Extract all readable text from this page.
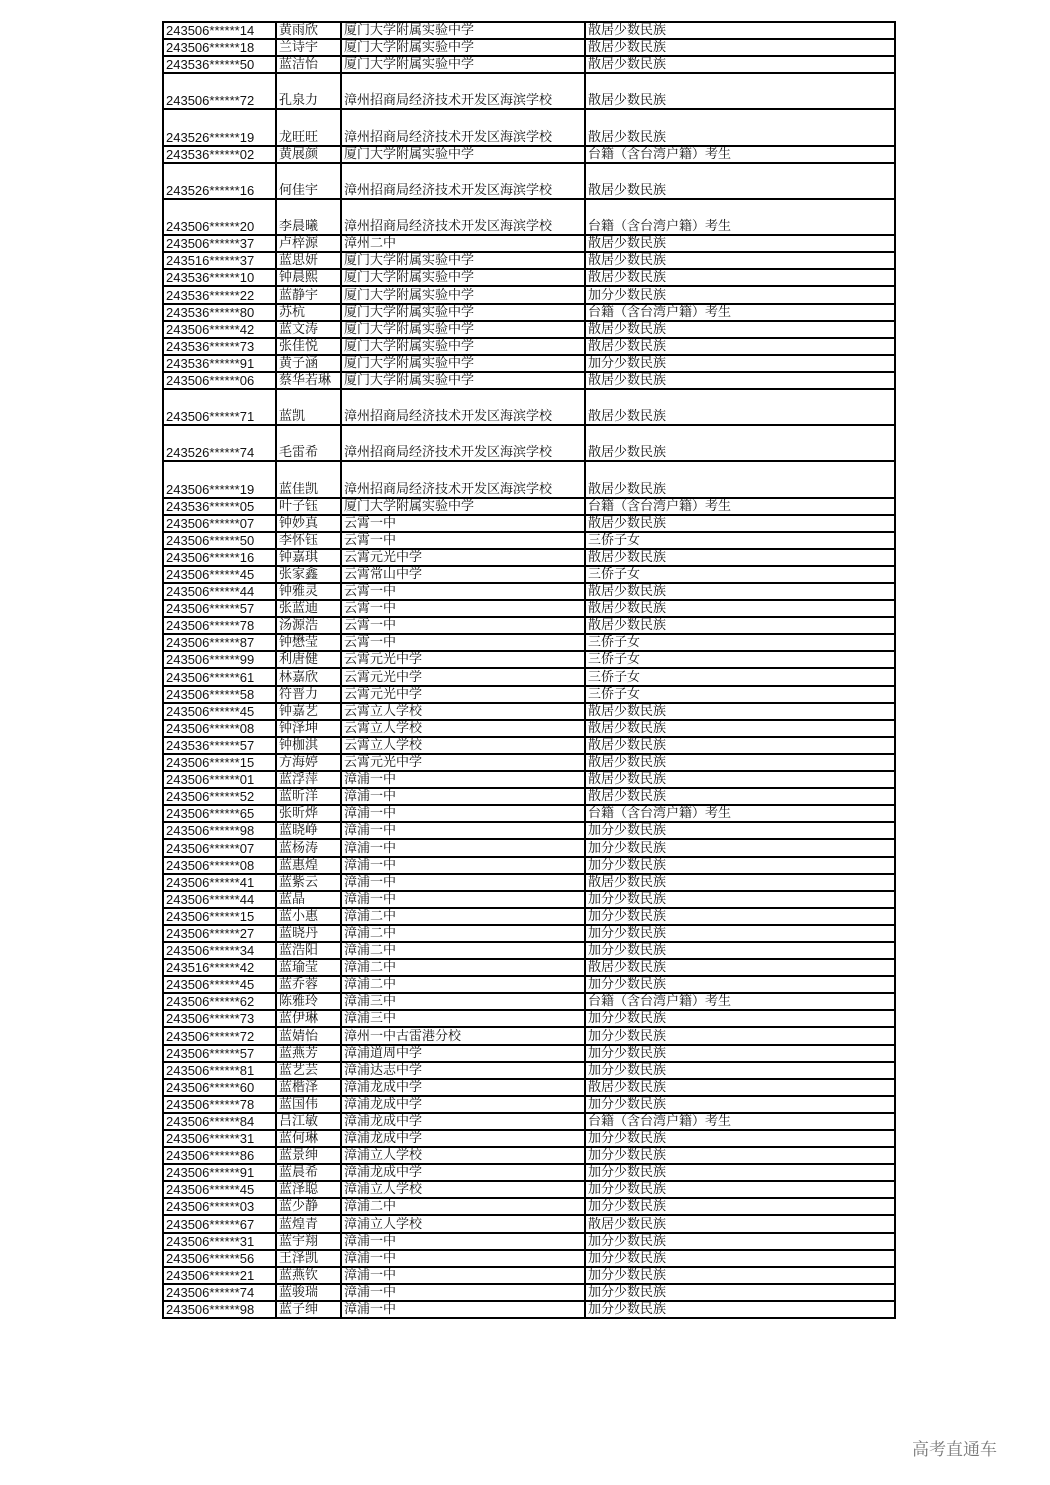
243506******14	黄雨欣	厦门大学附属实验中学	散居少数民族
243506******18	兰诗宇	厦门大学附属实验中学	散居少数民族
243536******50	蓝洁怡	厦门大学附属实验中学	散居少数民族
243506******72	孔泉力	漳州招商局经济技术开发区海滨学校	散居少数民族
243526******19	龙旺旺	漳州招商局经济技术开发区海滨学校	散居少数民族
243536******02	黄展颜	厦门大学附属实验中学	台籍（含台湾户籍）考生
243526******16	何佳宇	漳州招商局经济技术开发区海滨学校	散居少数民族
243506******20	李晨曦	漳州招商局经济技术开发区海滨学校	台籍（含台湾户籍）考生
243506******37	卢梓源	漳州二中	散居少数民族
243516******37	蓝思妍	厦门大学附属实验中学	散居少数民族
243536******10	钟晨熙	厦门大学附属实验中学	散居少数民族
243536******22	蓝静宇	厦门大学附属实验中学	加分少数民族
243536******80	苏杭	厦门大学附属实验中学	台籍（含台湾户籍）考生
243506******42	蓝文涛	厦门大学附属实验中学	散居少数民族
243536******73	张佳悦	厦门大学附属实验中学	散居少数民族
243536******91	黄子涵	厦门大学附属实验中学	加分少数民族
243506******06	蔡华若琳	厦门大学附属实验中学	散居少数民族
243506******71	蓝凯	漳州招商局经济技术开发区海滨学校	散居少数民族
243526******74	毛雷希	漳州招商局经济技术开发区海滨学校	散居少数民族
243506******19	蓝佳凯	漳州招商局经济技术开发区海滨学校	散居少数民族
243536******05	叶子钰	厦门大学附属实验中学	台籍（含台湾户籍）考生
243506******07	钟妙真	云霄一中	散居少数民族
243506******50	李怀钰	云霄一中	三侨子女
243506******16	钟嘉琪	云霄元光中学	散居少数民族
243506******45	张家鑫	云霄常山中学	三侨子女
243506******44	钟雅灵	云霄一中	散居少数民族
243506******57	张蓝迪	云霄一中	散居少数民族
243506******78	汤源浩	云霄一中	散居少数民族
243506******87	钟懋莹	云霄一中	三侨子女
243506******99	利唐健	云霄元光中学	三侨子女
243506******61	林嘉欣	云霄元光中学	三侨子女
243506******58	符晋力	云霄元光中学	三侨子女
243506******45	钟嘉艺	云霄立人学校	散居少数民族
243506******08	钟泽坤	云霄立人学校	散居少数民族
243536******57	钟枷淇	云霄立人学校	散居少数民族
243506******15	方海婷	云霄元光中学	散居少数民族
243506******01	蓝浮萍	漳浦一中	散居少数民族
243506******52	蓝昕洋	漳浦一中	散居少数民族
243506******65	张昕烨	漳浦一中	台籍（含台湾户籍）考生
243506******98	蓝晓峥	漳浦一中	加分少数民族
243506******07	蓝杨涛	漳浦一中	加分少数民族
243506******08	蓝惠煌	漳浦一中	加分少数民族
243506******41	蓝紫云	漳浦一中	散居少数民族
243506******44	蓝晶	漳浦一中	加分少数民族
243506******15	蓝小惠	漳浦二中	加分少数民族
243506******27	蓝晓丹	漳浦二中	加分少数民族
243506******34	蓝浩阳	漳浦二中	加分少数民族
243516******42	蓝瑜莹	漳浦二中	散居少数民族
243506******45	蓝乔蓉	漳浦二中	加分少数民族
243506******62	陈雅玲	漳浦三中	台籍（含台湾户籍）考生
243506******73	蓝伊琳	漳浦三中	加分少数民族
243506******72	蓝婧怡	漳州一中古雷港分校	加分少数民族
243506******57	蓝燕芳	漳浦道周中学	加分少数民族
243506******81	蓝艺芸	漳浦达志中学	加分少数民族
243506******60	蓝楷泽	漳浦龙成中学	散居少数民族
243506******78	蓝国伟	漳浦龙成中学	加分少数民族
243506******84	吕江敏	漳浦龙成中学	台籍（含台湾户籍）考生
243506******31	蓝何琳	漳浦龙成中学	加分少数民族
243506******86	蓝景绅	漳浦立人学校	加分少数民族
243506******91	蓝晨希	漳浦龙成中学	加分少数民族
243506******45	蓝泽聪	漳浦立人学校	加分少数民族
243506******03	蓝少静	漳浦二中	加分少数民族
243506******67	蓝煌青	漳浦立人学校	散居少数民族
243506******31	蓝宇翔	漳浦一中	加分少数民族
243506******56	王泽凯	漳浦一中	加分少数民族
243506******21	蓝燕钦	漳浦一中	加分少数民族
243506******74	蓝骏瑞	漳浦一中	加分少数民族
243506******98	蓝子绅	漳浦一中	加分少数民族
高考直通车
